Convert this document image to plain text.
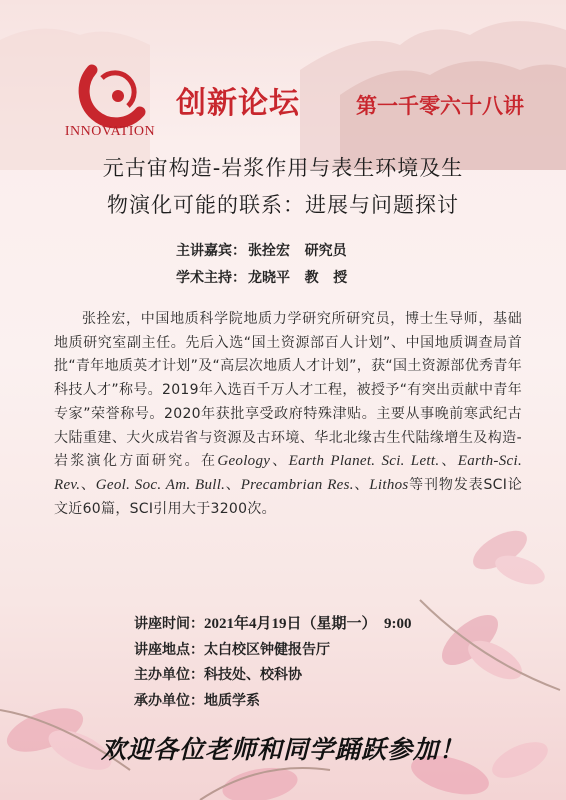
INNOVATION
创新论坛	第一千零六十八讲
元古宙构造-岩浆作用与表生环境及生
物演化可能的联系：进展与问题探讨
主讲嘉宾： 张拴宏   研究员
学术主持： 龙晓平   教   授
张拴宏，中国地质科学院地质力学研究所研究员，博士生导师，基础地质研究室副主任。先后入选“国土资源部百人计划”、中国地质调查局首批“青年地质英才计划”及“高层次地质人才计划”，获“国土资源部优秀青年科技人才”称号。2019年入选百千万人才工程，被授予“有突出贡献中青年专家”荣誉称号。2020年获批享受政府特殊津贴。主要从事晚前寒武纪古大陆重建、大火成岩省与资源及古环境、华北北缘古生代陆缘增生及构造-岩浆演化方面研究。在Geology、Earth Planet. Sci. Lett.、Earth-Sci. Rev.、Geol. Soc. Am. Bull.、Precambrian Res.、Lithos等刊物发表SCI论文近60篇，SCI引用大于3200次。
讲座时间：2021年4月19日（星期一）  9:00
讲座地点：太白校区钟健报告厅
主办单位：科技处、校科协
承办单位：地质学系
欢迎各位老师和同学踊跃参加！
